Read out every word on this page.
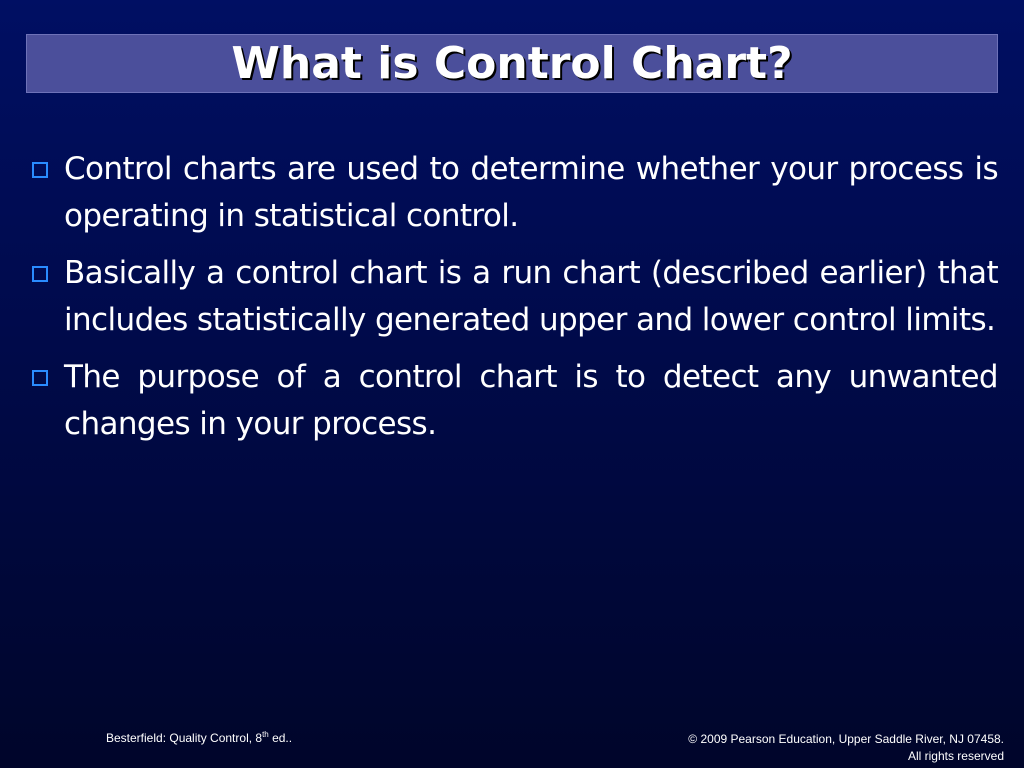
What is Control Chart?
Control charts are used to determine whether your process is operating in statistical control.
Basically a control chart is a run chart (described earlier) that includes statistically generated upper and lower control limits.
The purpose of a control chart is to detect any unwanted changes in your process.
Besterfield: Quality Control, 8th ed..	© 2009 Pearson Education, Upper Saddle River, NJ 07458.
All rights reserved
